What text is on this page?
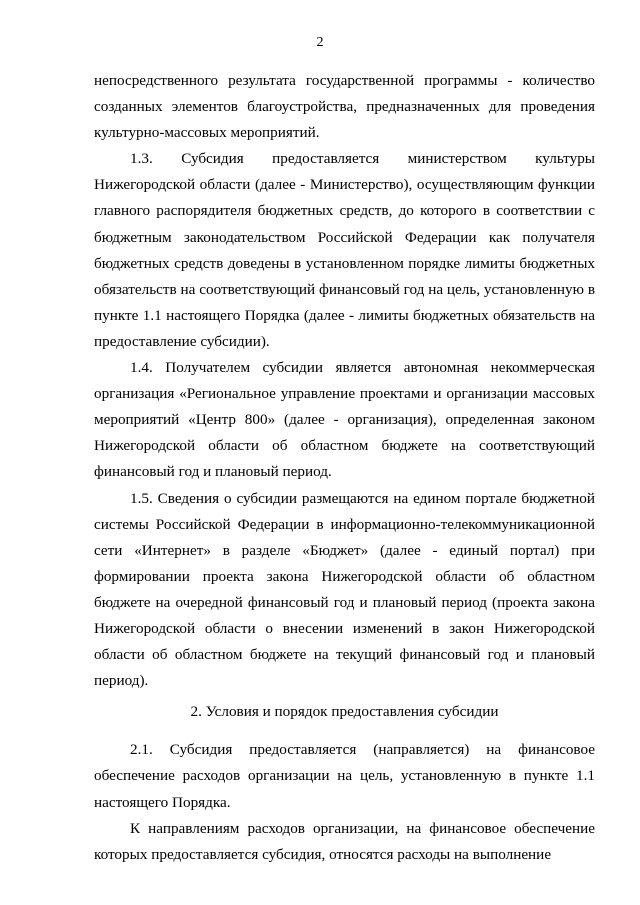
2

непосредственного результата государственной программы - количество созданных элементов благоустройства, предназначенных для проведения культурно-массовых мероприятий.

1.3. Субсидия предоставляется министерством культуры Нижегородской области (далее - Министерство), осуществляющим функции главного распорядителя бюджетных средств, до которого в соответствии с бюджетным законодательством Российской Федерации как получателя бюджетных средств доведены в установленном порядке лимиты бюджетных обязательств на соответствующий финансовый год на цель, установленную в пункте 1.1 настоящего Порядка (далее - лимиты бюджетных обязательств на предоставление субсидии).

1.4. Получателем субсидии является автономная некоммерческая организация «Региональное управление проектами и организации массовых мероприятий «Центр 800» (далее - организация), определенная законом Нижегородской области об областном бюджете на соответствующий финансовый год и плановый период.

1.5. Сведения о субсидии размещаются на едином портале бюджетной системы Российской Федерации в информационно-телекоммуникационной сети «Интернет» в разделе «Бюджет» (далее - единый портал) при формировании проекта закона Нижегородской области об областном бюджете на очередной финансовый год и плановый период (проекта закона Нижегородской области о внесении изменений в закон Нижегородской области об областном бюджете на текущий финансовый год и плановый период).

2. Условия и порядок предоставления субсидии

2.1. Субсидия предоставляется (направляется) на финансовое обеспечение расходов организации на цель, установленную в пункте 1.1 настоящего Порядка.

К направлениям расходов организации, на финансовое обеспечение которых предоставляется субсидия, относятся расходы на выполнение
